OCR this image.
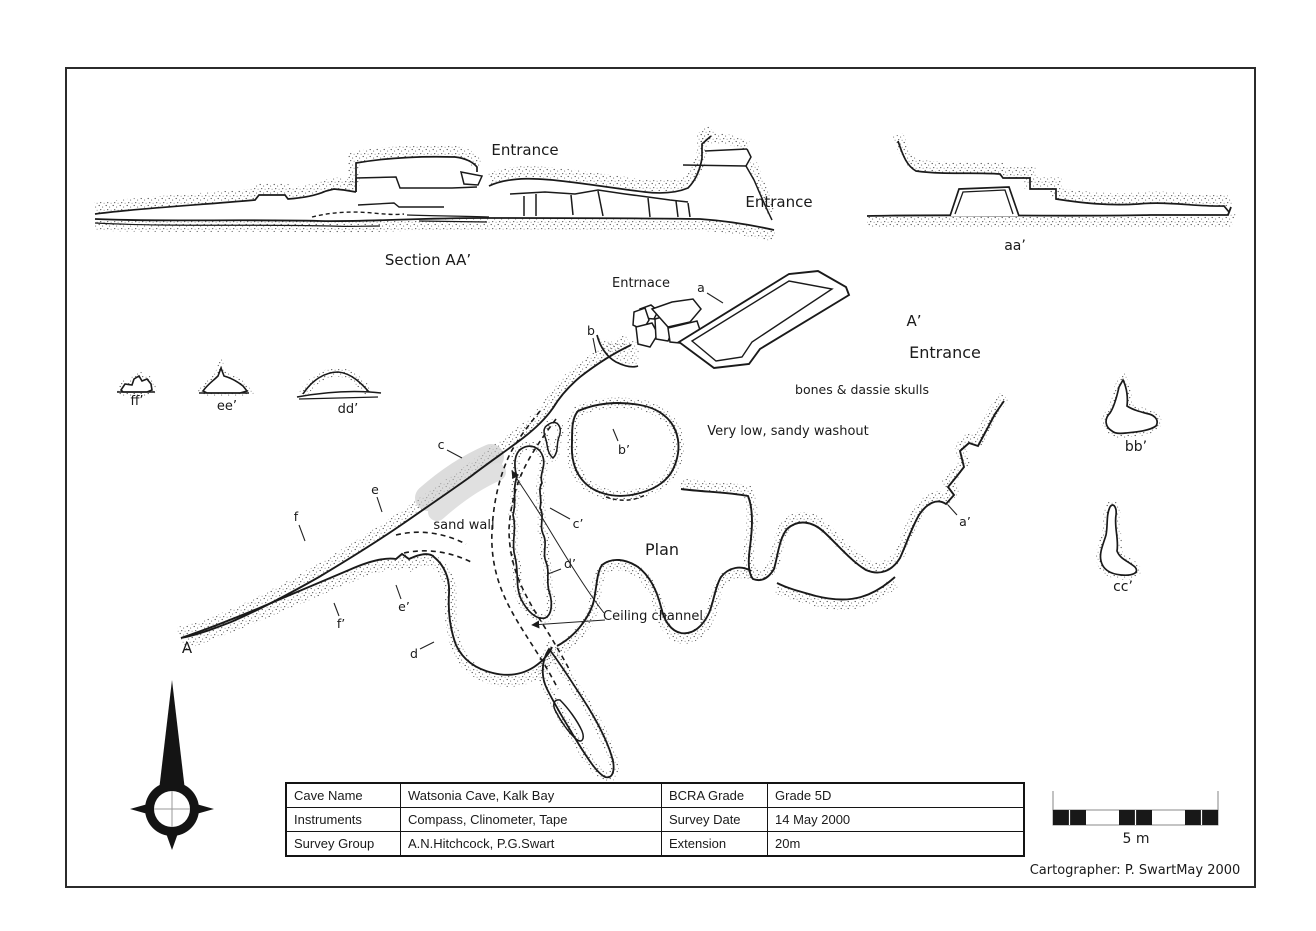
Entrance
Entrance
Section AA’
aa’
Entrnace a
b
A’
Entrance
bones & dassie skulls
Very low, sandy washout
b’
c
sand wall	c’
Plan
d’
Ceiling channel
e
f
e’
f’
d
A
a’
ff’	ee’	dd’
bb’
cc’
5 m
Cartographer: P. SwartMay 2000
Cave Name	Watsonia Cave, Kalk Bay	BCRA Grade	Grade 5D
Instruments	Compass, Clinometer, Tape	Survey Date	14 May 2000
Survey Group	A.N.Hitchcock, P.G.Swart	Extension	20m
